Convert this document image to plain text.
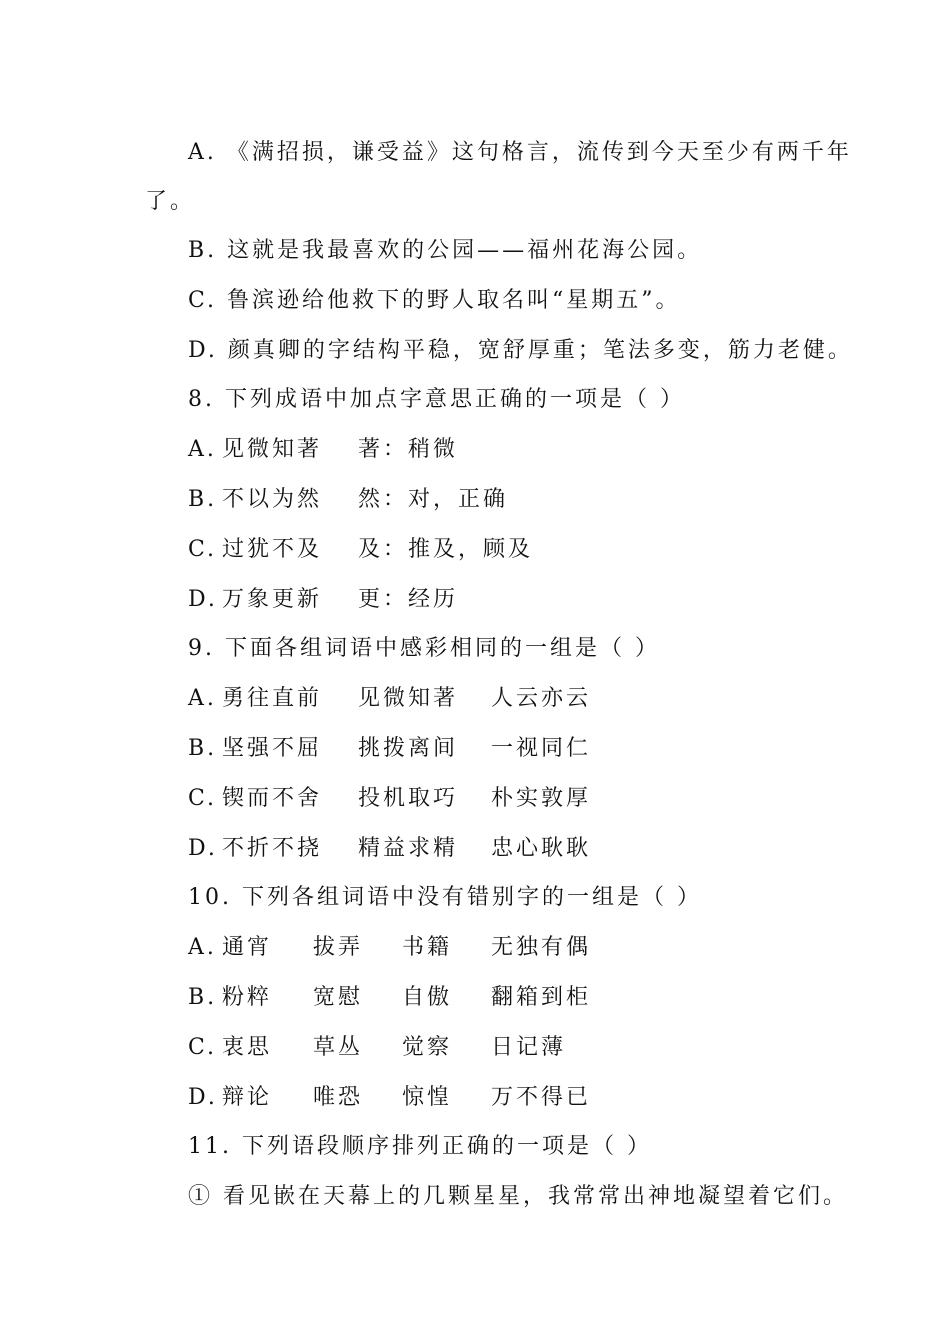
A. 《满招损，谦受益》这句格言，流传到今天至少有两千年
了。
B. 这就是我最喜欢的公园——福州花海公园。
C. 鲁滨逊给他救下的野人取名叫“星期五”。
D. 颜真卿的字结构平稳，宽舒厚重；笔法多变，筋力老健。
8. 下列成语中加点字意思正确的一项是（ ）
A. 见微知著 著：稍微
B. 不以为然 然：对，正确
C. 过犹不及 及：推及，顾及
D. 万象更新 更：经历
9. 下面各组词语中感彩相同的一组是（ ）
A. 勇往直前 见微知著 人云亦云
B. 坚强不屈 挑拨离间 一视同仁
C. 锲而不舍 投机取巧 朴实敦厚
D. 不折不挠 精益求精 忠心耿耿
10. 下列各组词语中没有错别字的一组是（ ）
A. 通宵 拔弄 书籍 无独有偶
B. 粉粹 宽慰 自傲 翻箱到柜
C. 衷思 草丛 觉察 日记薄
D. 辩论 唯恐 惊惶 万不得已
11. 下列语段顺序排列正确的一项是（ ）
① 看见嵌在天幕上的几颗星星，我常常出神地凝望着它们。
